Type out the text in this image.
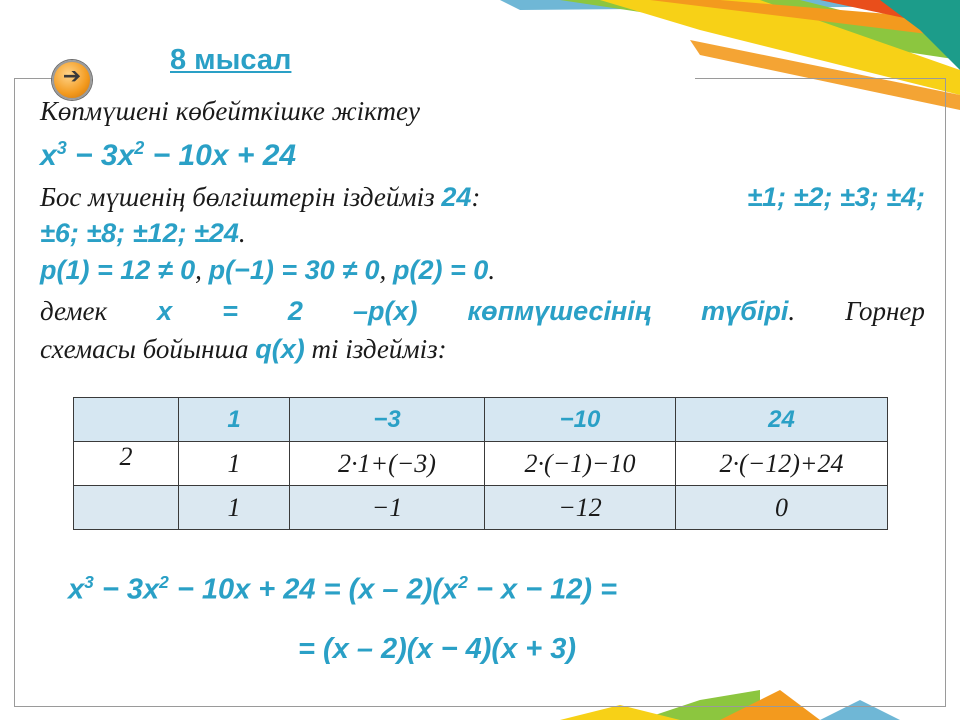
➔
8 мысал
Көпмүшені көбейткішке жіктеу
$x^3 - 3x^2 - 10x + 24$
Бос мүшенің бөлгіштерін іздейміз 24:	±1; ±2; ±3; ±4;
±6; ±8; ±12; ±24.
p(1) = 12 ≠ 0, p(−1) = 30 ≠ 0, p(2) = 0.
демек x = 2 –p(x) көпмүшесінің түбірі. Горнер
схемасы бойынша q(x) ті іздейміз:
	1	−3	−10	24
2	1	2·1+(−3)	2·(−1)−10	2·(−12)+24
	1	−1	−12	0
$x^3 - 3x^2 - 10x + 24 = (x - 2)(x^2 - x - 12)$ =
= (x – 2)(x − 4)(x + 3)
